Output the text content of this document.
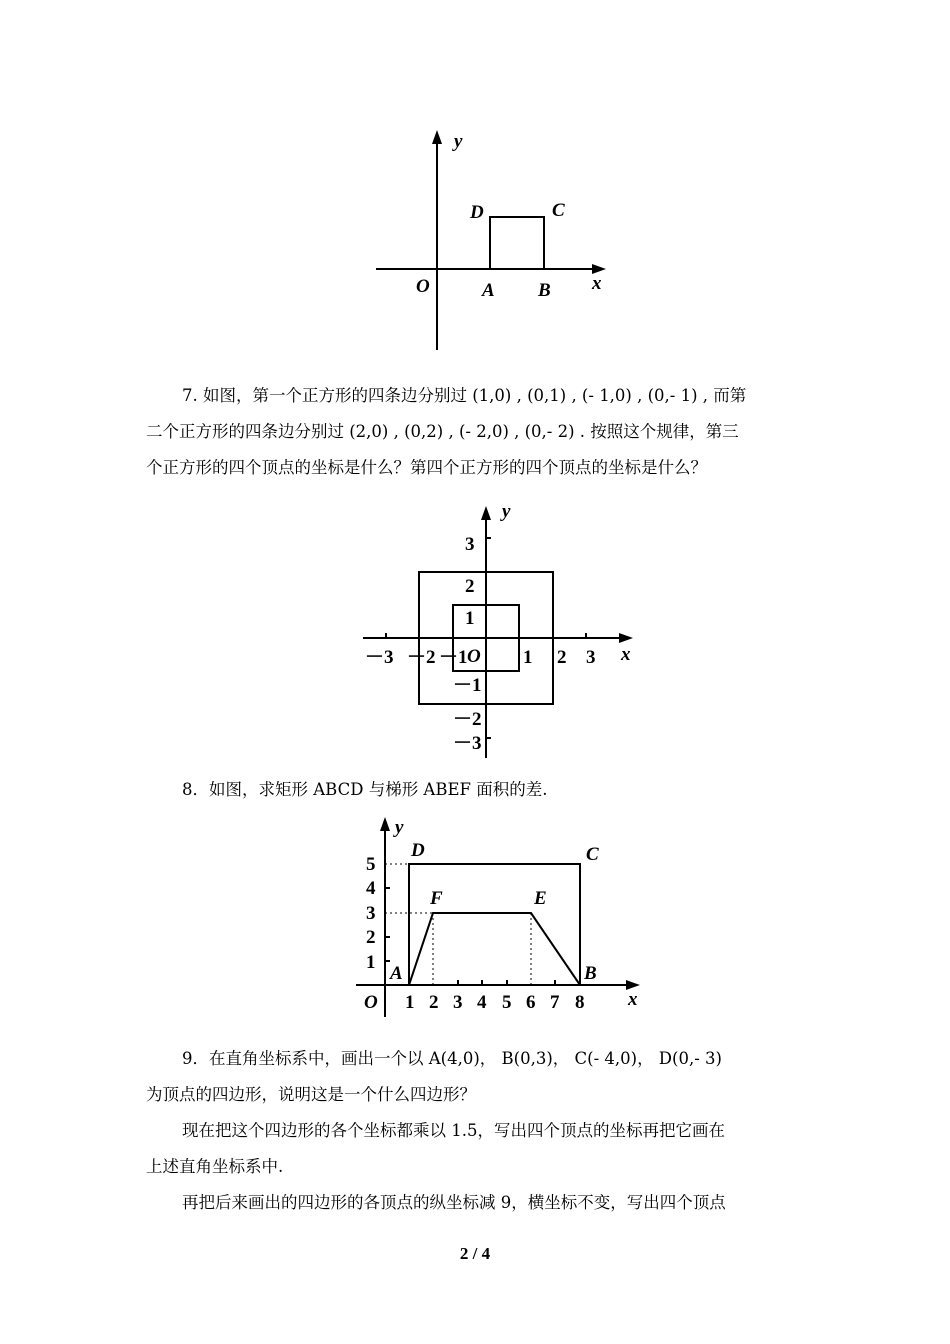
y
x
O	A B
C
D

7. 如图，第一个正方形的四条边分别过 (1,0) , (0,1) , (- 1,0) , (0,- 1) , 而第

二个正方形的四条边分别过 (2,0) , (0,2) , (- 2,0) , (0,- 2) . 按照这个规律，第三

个正方形的四个顶点的坐标是什么？第四个正方形的四个顶点的坐标是什么？

y
x
O
－3 －2 －1	1 2 3
3
2
1
－1
－2
－3

8．如图，求矩形 ABCD 与梯形 ABEF 面积的差.

y
x
O
5
4
3
2
1
1 2 3 4 5 6 7 8
A	B
C
D
E
F

9．在直角坐标系中，画出一个以 A(4,0)， B(0,3)， C(- 4,0)， D(0,- 3)

为顶点的四边形，说明这是一个什么四边形？

现在把这个四边形的各个坐标都乘以 1.5，写出四个顶点的坐标再把它画在

上述直角坐标系中.

再把后来画出的四边形的各顶点的纵坐标减 9，横坐标不变，写出四个顶点

2 / 4
